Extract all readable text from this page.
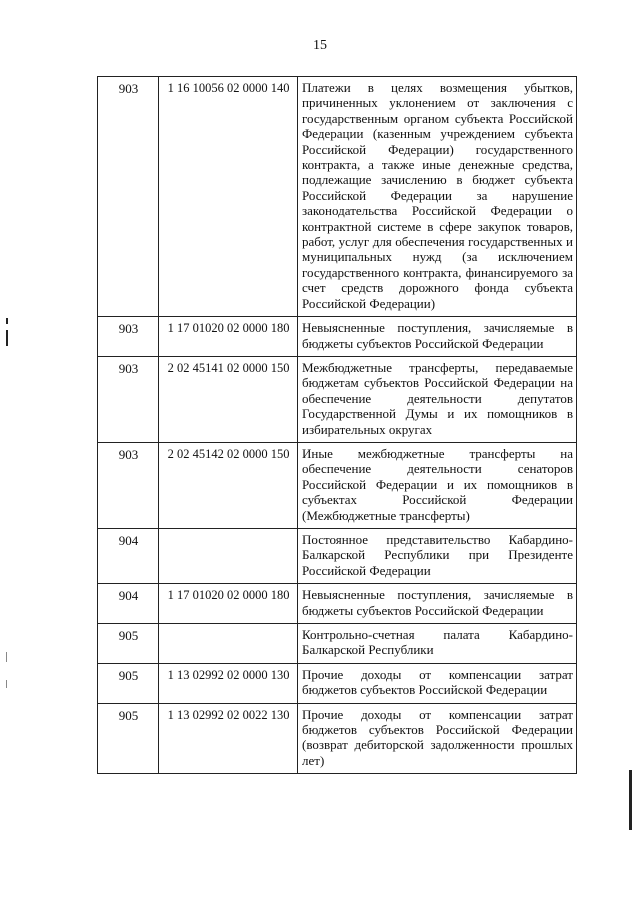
15
903	1 16 10056 02 0000 140	Платежи в целях возмещения убытков, причиненных уклонением от заключения с государственным органом субъекта Российской Федерации (казенным учреждением субъекта Российской Федерации) государственного контракта, а также иные денежные средства, подлежащие зачислению в бюджет субъекта Российской Федерации за нарушение законодательства Российской Федерации о контрактной системе в сфере закупок товаров, работ, услуг для обеспечения государственных и муниципальных нужд (за исключением государственного контракта, финансируемого за счет средств дорожного фонда субъекта Российской Федерации)
903	1 17 01020 02 0000 180	Невыясненные поступления, зачисляемые в бюджеты субъектов Российской Федерации
903	2 02 45141 02 0000 150	Межбюджетные трансферты, передаваемые бюджетам субъектов Российской Федерации на обеспечение деятельности депутатов Государственной Думы и их помощников в избирательных округах
903	2 02 45142 02 0000 150	Иные межбюджетные трансферты на обеспечение деятельности сенаторов Российской Федерации и их помощников в субъектах Российской Федерации (Межбюджетные трансферты)
904		Постоянное представительство Кабардино-Балкарской Республики при Президенте Российской Федерации
904	1 17 01020 02 0000 180	Невыясненные поступления, зачисляемые в бюджеты субъектов Российской Федерации
905		Контрольно-счетная палата Кабардино-Балкарской Республики
905	1 13 02992 02 0000 130	Прочие доходы от компенсации затрат бюджетов субъектов Российской Федерации
905	1 13 02992 02 0022 130	Прочие доходы от компенсации затрат бюджетов субъектов Российской Федерации (возврат дебиторской задолженности прошлых лет)
